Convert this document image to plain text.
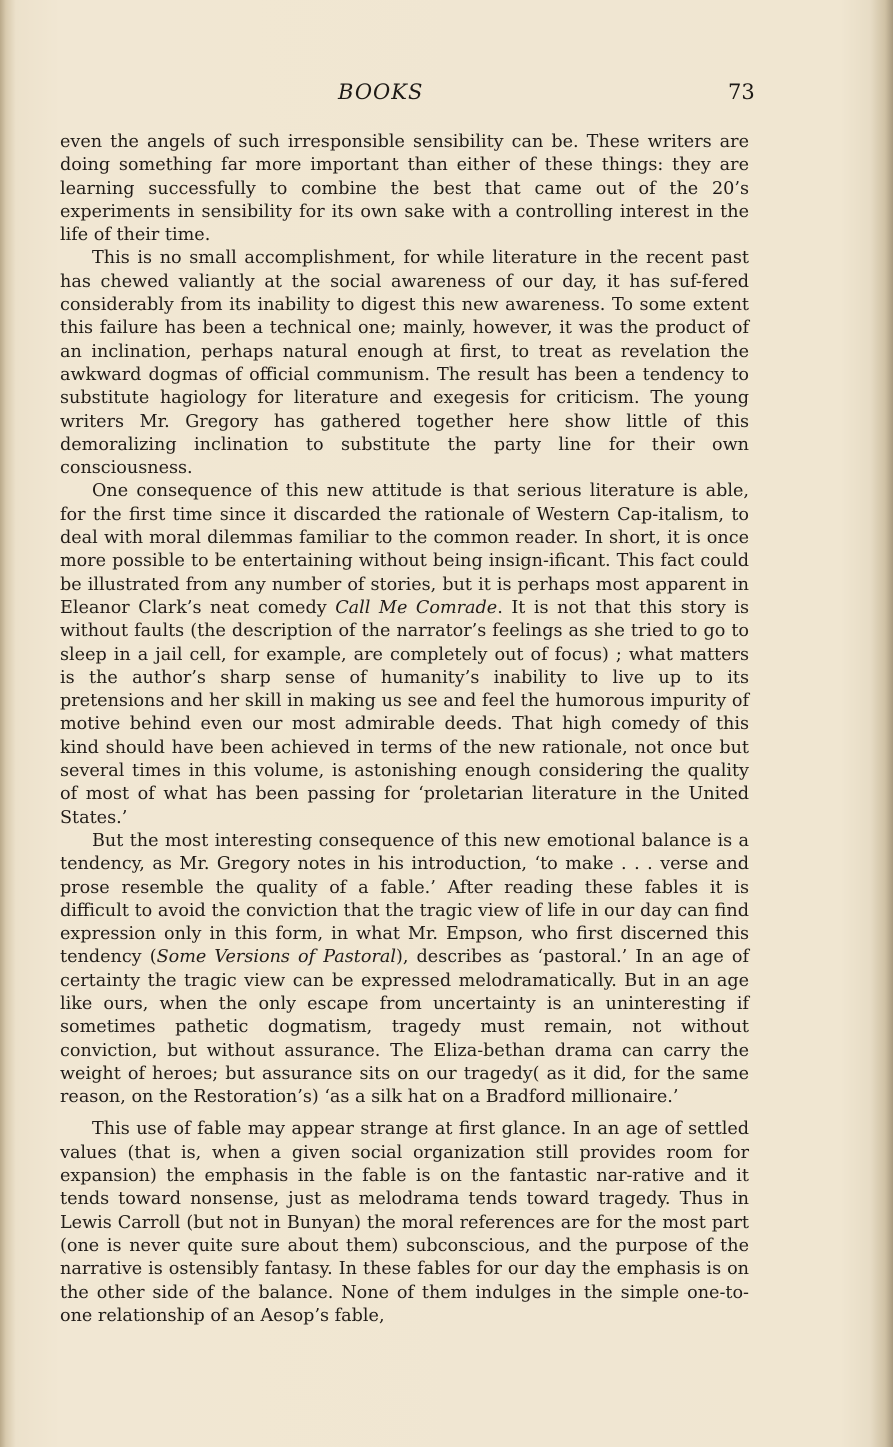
BOOKS	73

even the angels of such irresponsible sensibility can be. These writers are doing something far more important than either of these things: they are learning successfully to combine the best that came out of the 20’s experiments in sensibility for its own sake with a controlling interest in the life of their time.

This is no small accomplishment, for while literature in the recent past has chewed valiantly at the social awareness of our day, it has suf-fered considerably from its inability to digest this new awareness. To some extent this failure has been a technical one; mainly, however, it was the product of an inclination, perhaps natural enough at first, to treat as revelation the awkward dogmas of official communism. The result has been a tendency to substitute hagiology for literature and exegesis for criticism. The young writers Mr. Gregory has gathered together here show little of this demoralizing inclination to substitute the party line for their own consciousness.

One consequence of this new attitude is that serious literature is able, for the first time since it discarded the rationale of Western Cap-italism, to deal with moral dilemmas familiar to the common reader. In short, it is once more possible to be entertaining without being insign-ificant. This fact could be illustrated from any number of stories, but it is perhaps most apparent in Eleanor Clark’s neat comedy Call Me Comrade. It is not that this story is without faults (the description of the narrator’s feelings as she tried to go to sleep in a jail cell, for example, are completely out of focus) ; what matters is the author’s sharp sense of humanity’s inability to live up to its pretensions and her skill in making us see and feel the humorous impurity of motive behind even our most admirable deeds. That high comedy of this kind should have been achieved in terms of the new rationale, not once but several times in this volume, is astonishing enough considering the quality of most of what has been passing for ‘proletarian literature in the United States.’

But the most interesting consequence of this new emotional balance is a tendency, as Mr. Gregory notes in his introduction, ‘to make . . . verse and prose resemble the quality of a fable.’ After reading these fables it is difficult to avoid the conviction that the tragic view of life in our day can find expression only in this form, in what Mr. Empson, who first discerned this tendency (Some Versions of Pastoral), describes as ‘pastoral.’ In an age of certainty the tragic view can be expressed melodramatically. But in an age like ours, when the only escape from uncertainty is an uninteresting if sometimes pathetic dogmatism, tragedy must remain, not without conviction, but without assurance. The Eliza-bethan drama can carry the weight of heroes; but assurance sits on our tragedy( as it did, for the same reason, on the Restoration’s) ‘as a silk hat on a Bradford millionaire.’

This use of fable may appear strange at first glance. In an age of settled values (that is, when a given social organization still provides room for expansion) the emphasis in the fable is on the fantastic nar-rative and it tends toward nonsense, just as melodrama tends toward tragedy. Thus in Lewis Carroll (but not in Bunyan) the moral references are for the most part (one is never quite sure about them) subconscious, and the purpose of the narrative is ostensibly fantasy. In these fables for our day the emphasis is on the other side of the balance. None of them indulges in the simple one-to-one relationship of an Aesop’s fable,
